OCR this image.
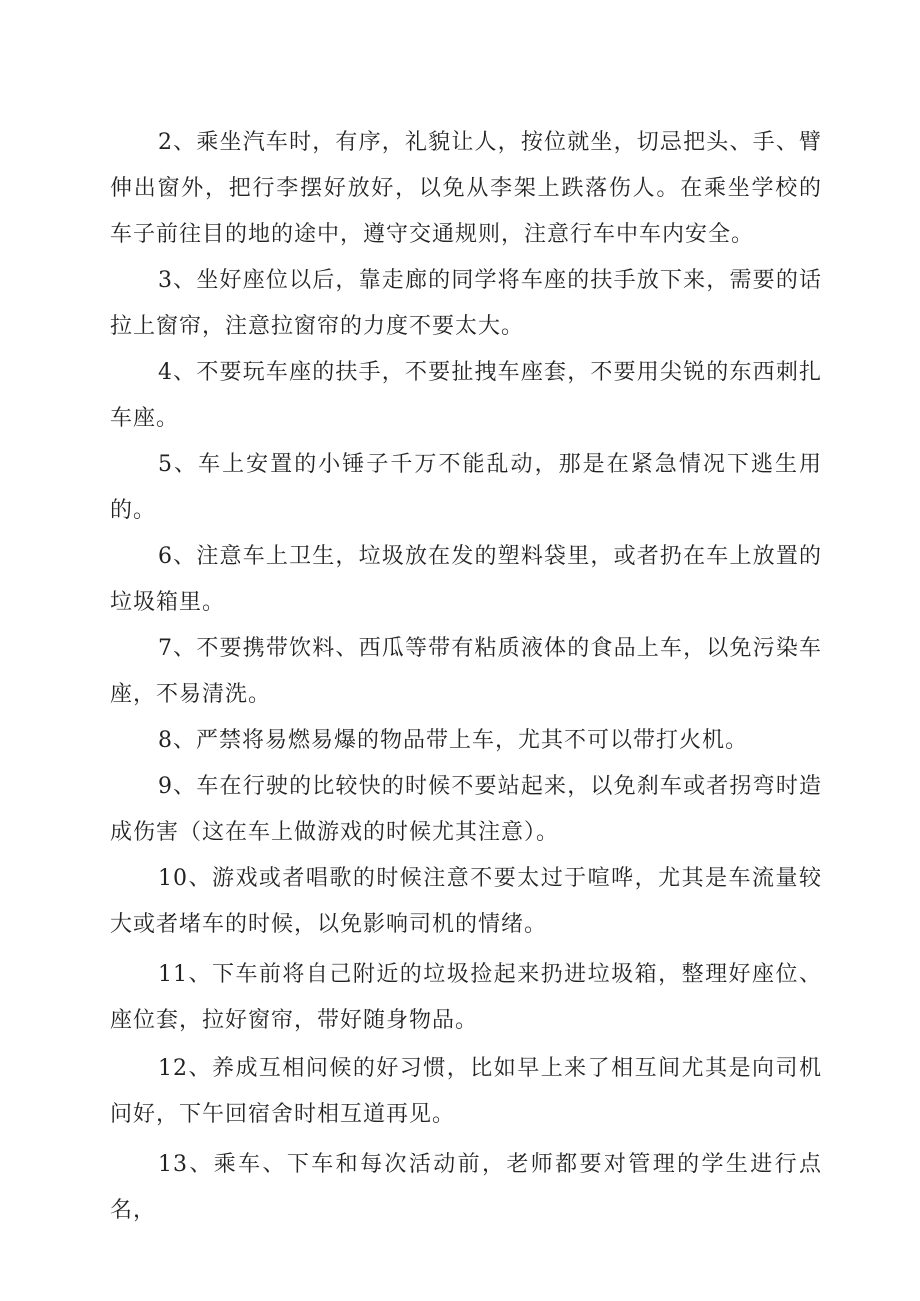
2、乘坐汽车时，有序，礼貌让人，按位就坐，切忌把头、手、臂伸出窗外，把行李摆好放好，以免从李架上跌落伤人。在乘坐学校的车子前往目的地的途中，遵守交通规则，注意行车中车内安全。

3、坐好座位以后，靠走廊的同学将车座的扶手放下来，需要的话拉上窗帘，注意拉窗帘的力度不要太大。

4、不要玩车座的扶手，不要扯拽车座套，不要用尖锐的东西刺扎车座。

5、车上安置的小锤子千万不能乱动，那是在紧急情况下逃生用的。

6、注意车上卫生，垃圾放在发的塑料袋里，或者扔在车上放置的垃圾箱里。

7、不要携带饮料、西瓜等带有粘质液体的食品上车，以免污染车座，不易清洗。

8、严禁将易燃易爆的物品带上车，尤其不可以带打火机。

9、车在行驶的比较快的时候不要站起来，以免刹车或者拐弯时造成伤害（这在车上做游戏的时候尤其注意）。

10、游戏或者唱歌的时候注意不要太过于喧哗，尤其是车流量较大或者堵车的时候，以免影响司机的情绪。

11、下车前将自己附近的垃圾捡起来扔进垃圾箱，整理好座位、座位套，拉好窗帘，带好随身物品。

12、养成互相问候的好习惯，比如早上来了相互间尤其是向司机问好，下午回宿舍时相互道再见。

13、乘车、下车和每次活动前，老师都要对管理的学生进行点名，
